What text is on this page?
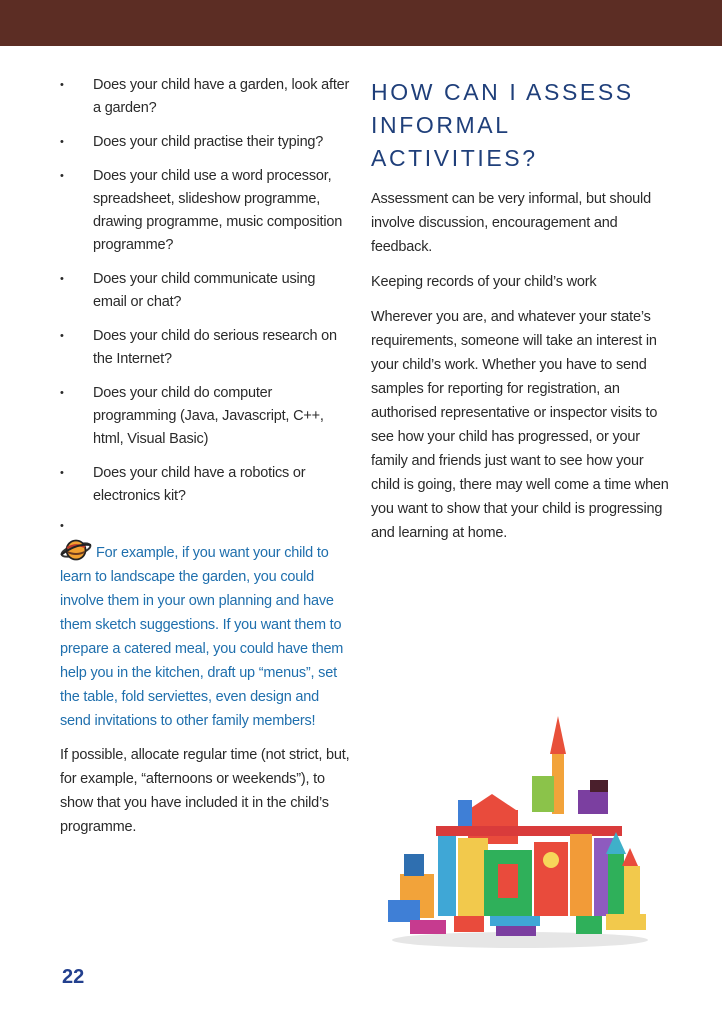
• Does your child have a garden, look after a garden?
• Does your child practise their typing?
• Does your child use a word processor, spreadsheet, slideshow programme, drawing programme, music composition programme?
• Does your child communicate using email or chat?
• Does your child do serious research on the Internet?
• Does your child do computer programming (Java, Javascript, C++, html, Visual Basic)
• Does your child have a robotics or electronics kit?
•
For example, if you want your child to learn to landscape the garden, you could involve them in your own planning and have them sketch suggestions. If you want them to prepare a catered meal, you could have them help you in the kitchen, draft up “menus”, set the table, fold serviettes, even design and send invitations to other family members!

If possible, allocate regular time (not strict, but, for example, “afternoons or weekends”), to show that you have included it in the child’s programme.

HOW CAN I ASSESS INFORMAL ACTIVITIES?

Assessment can be very informal, but should involve discussion, encouragement and feedback.

Keeping records of your child’s work

Wherever you are, and whatever your state’s requirements, someone will take an interest in your child’s work. Whether you have to send samples for reporting for registration, an authorised representative or inspector visits to see how your child has progressed, or your family and friends just want to see how your child is going, there may well come a time when you want to show that your child is progressing and learning at home.

22
